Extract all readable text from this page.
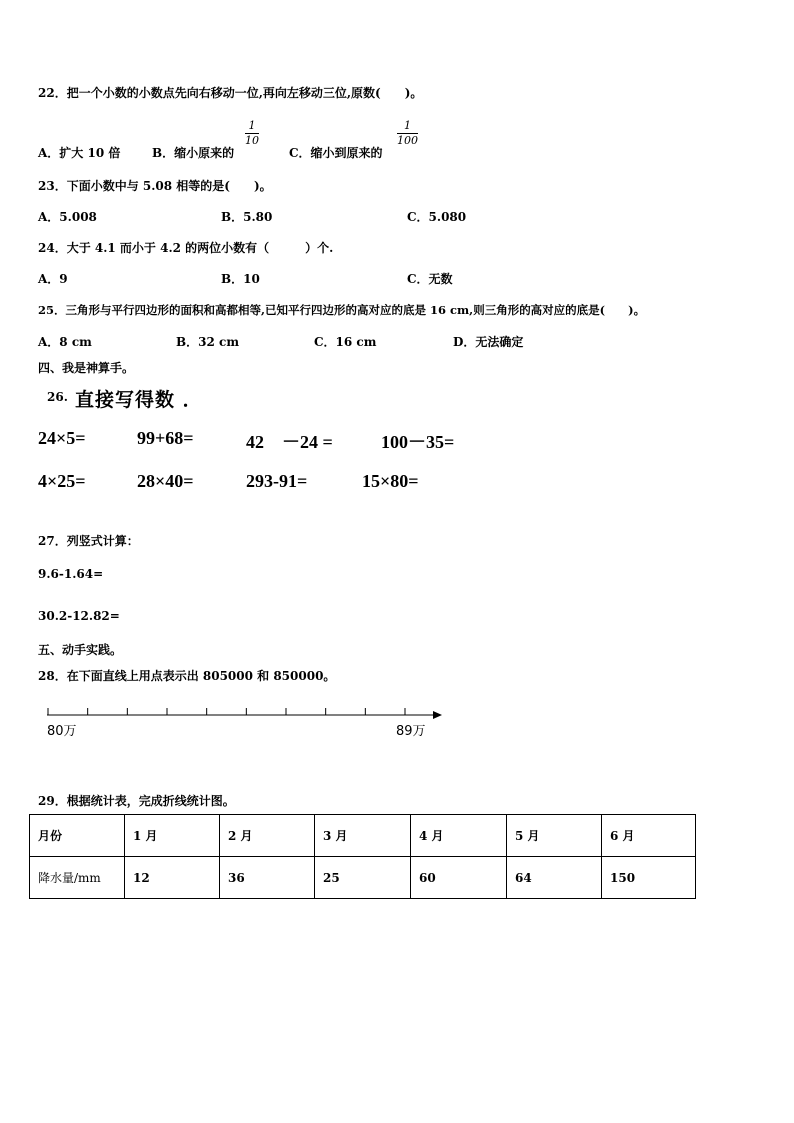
22．把一个小数的小数点先向右移动一位,再向左移动三位,原数(　　)。
A．扩大 10 倍	B．缩小原来的
1
10
C．缩小到原来的
1
100
23．下面小数中与 5.08 相等的是(　　)。
A．5.008	B．5.80	C．5.080
24．大于 4.1 而小于 4.2 的两位小数有（　　　）个.
A．9	B．10	C．无数
25．三角形与平行四边形的面积和高都相等,已知平行四边形的高对应的底是 16 cm,则三角形的高对应的底是(　　)。
A．8 cm	B．32 cm	C．16 cm	D．无法确定
四、我是神算手。
26. 直接写得数 ．
24×5=	99+68=	42　－24 =	100－35=
4×25=	28×40=	293-91=	15×80=
27．列竖式计算：
9.6-1.64=
30.2-12.82=
五、动手实践。
28．在下面直线上用点表示出 805000 和 850000。
80万	89万
29．根据统计表，完成折线统计图。
月份	1 月	2 月	3 月	4 月	5 月	6 月
降水量/mm	12	36	25	60	64	150
